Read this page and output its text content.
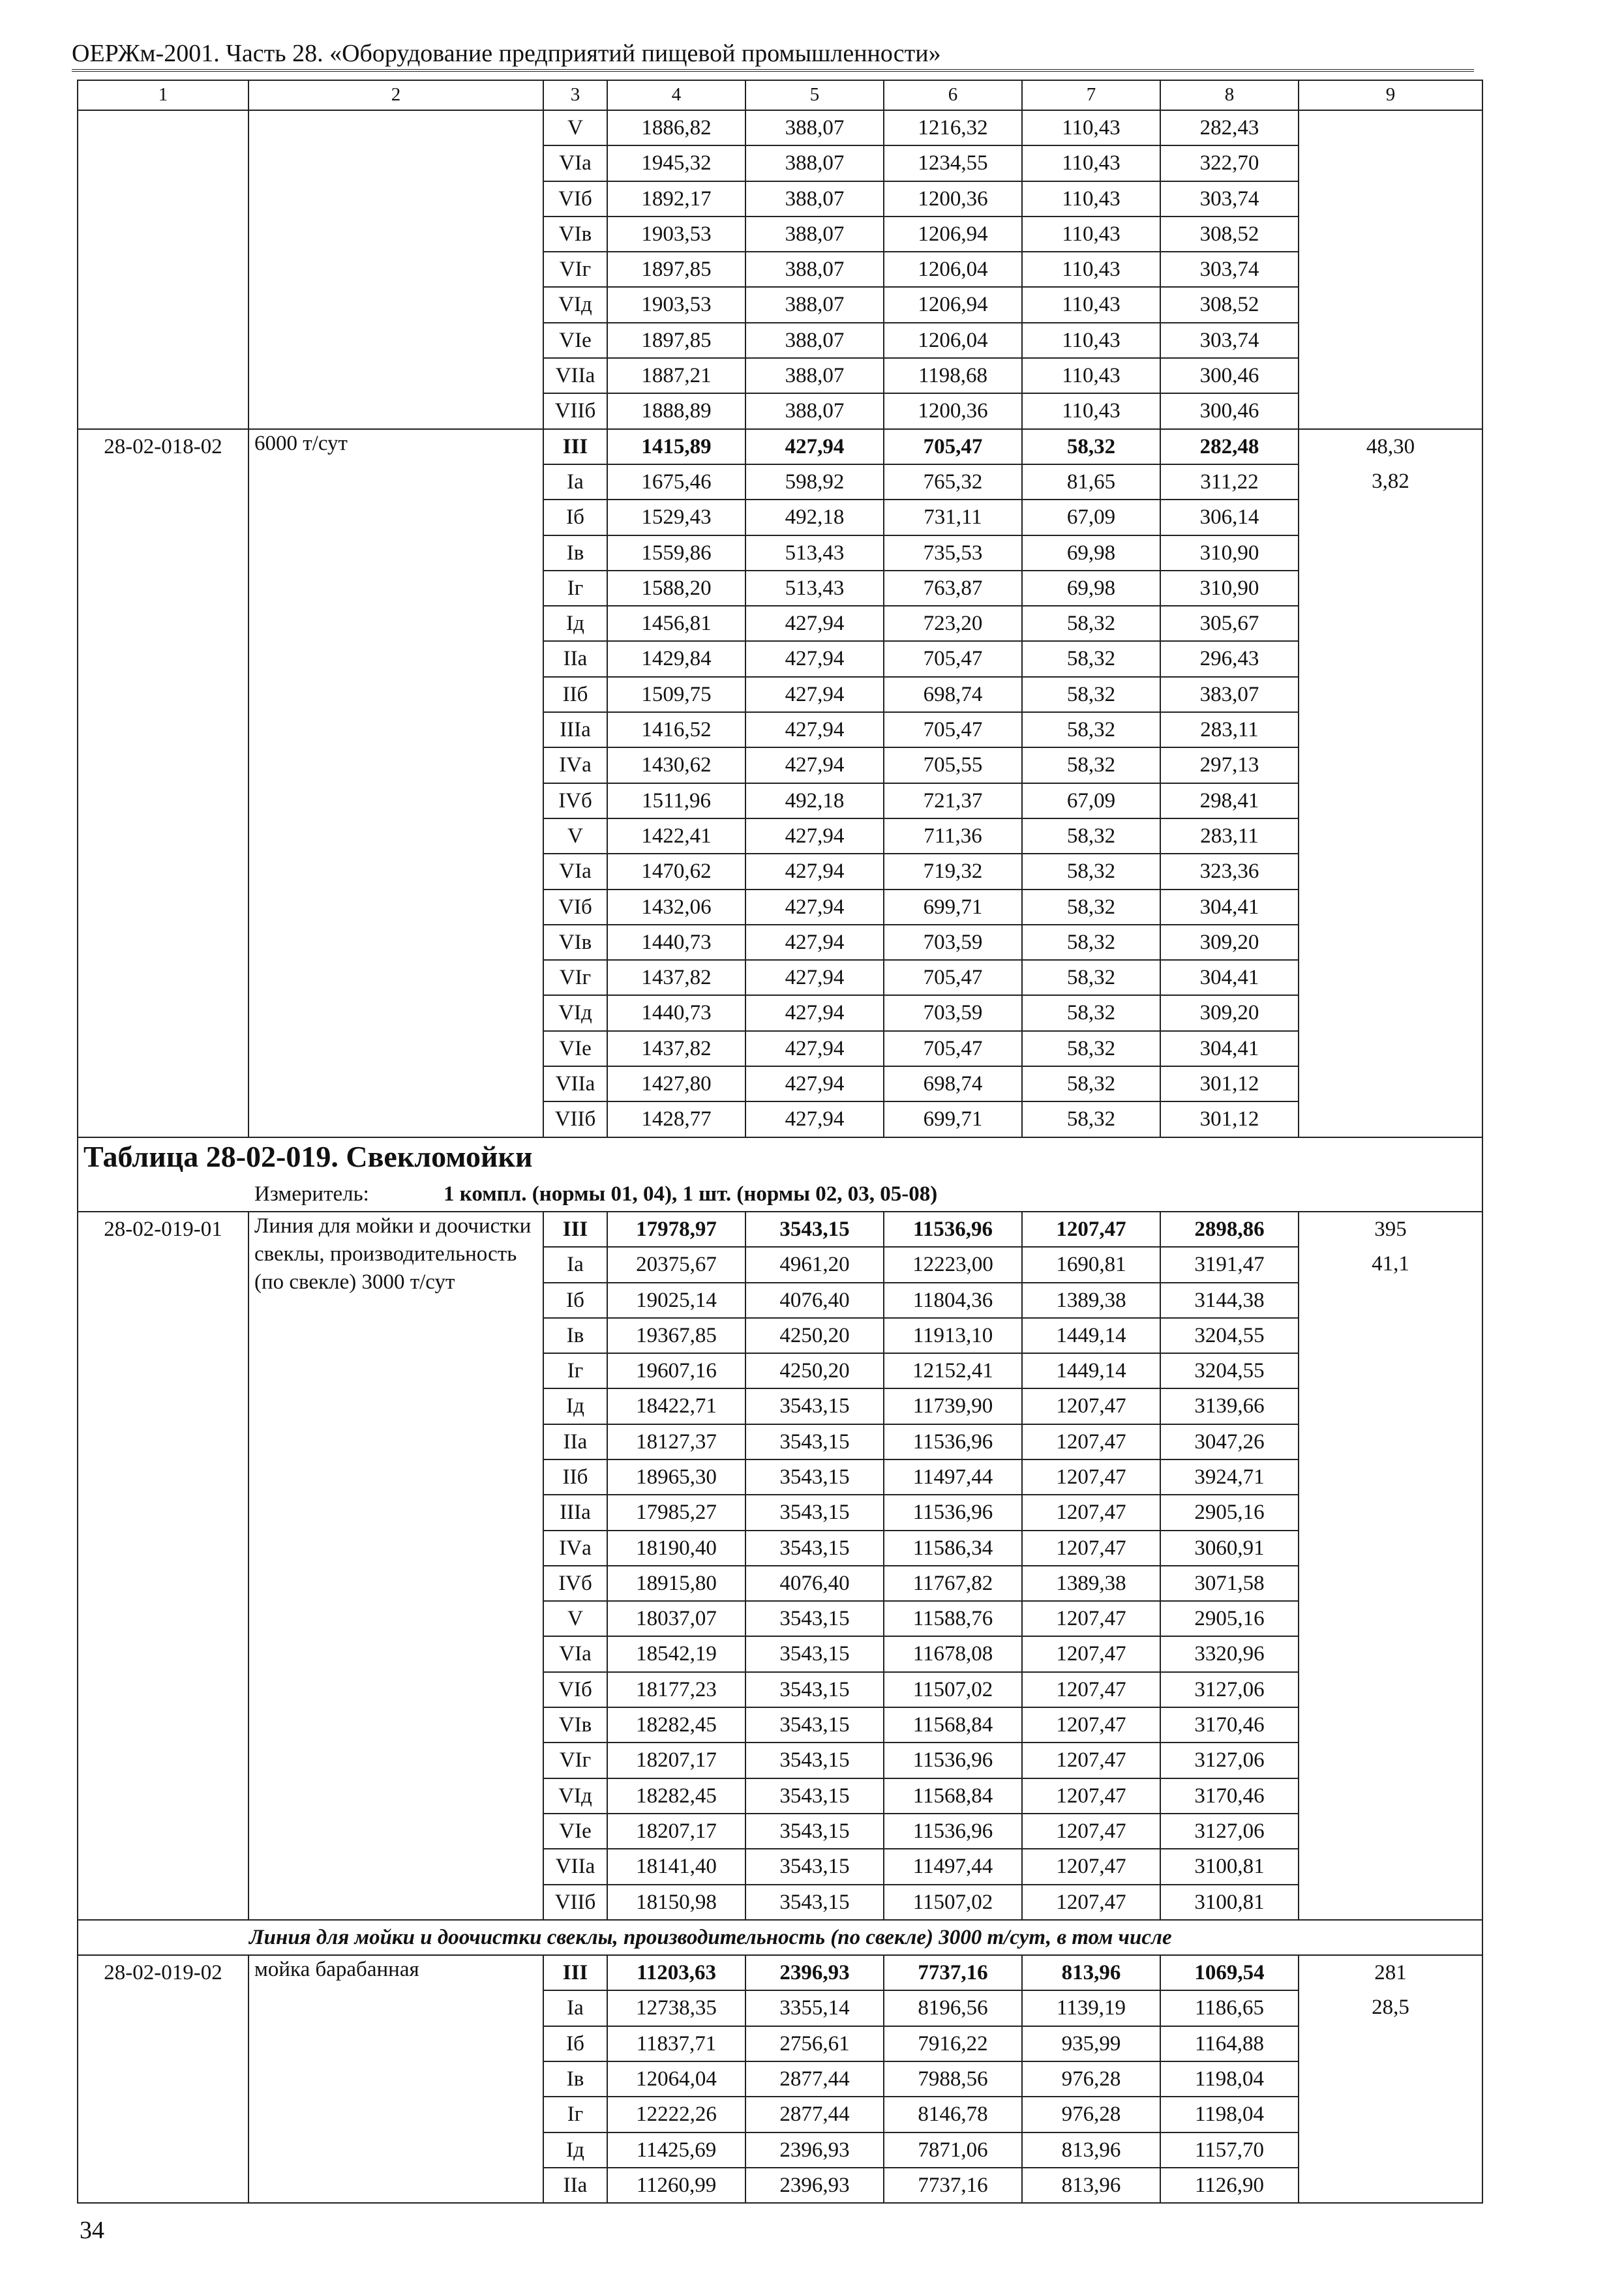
ОЕРЖм-2001. Часть 28. «Оборудование предприятий пищевой промышленности»
1	2	3	4	5	6	7	8	9
		V	1886,82	388,07	1216,32	110,43	282,43	
		VIа	1945,32	388,07	1234,55	110,43	322,70	
		VIб	1892,17	388,07	1200,36	110,43	303,74	
		VIв	1903,53	388,07	1206,94	110,43	308,52	
		VIг	1897,85	388,07	1206,04	110,43	303,74	
		VIд	1903,53	388,07	1206,94	110,43	308,52	
		VIе	1897,85	388,07	1206,04	110,43	303,74	
		VIIа	1887,21	388,07	1198,68	110,43	300,46	
		VIIб	1888,89	388,07	1200,36	110,43	300,46	
28-02-018-02	6000 т/сут	III	1415,89	427,94	705,47	58,32	282,48	48,30
		Iа	1675,46	598,92	765,32	81,65	311,22	3,82
		Iб	1529,43	492,18	731,11	67,09	306,14	
		Iв	1559,86	513,43	735,53	69,98	310,90	
		Iг	1588,20	513,43	763,87	69,98	310,90	
		Iд	1456,81	427,94	723,20	58,32	305,67	
		IIа	1429,84	427,94	705,47	58,32	296,43	
		IIб	1509,75	427,94	698,74	58,32	383,07	
		IIIа	1416,52	427,94	705,47	58,32	283,11	
		IVа	1430,62	427,94	705,55	58,32	297,13	
		IVб	1511,96	492,18	721,37	67,09	298,41	
		V	1422,41	427,94	711,36	58,32	283,11	
		VIа	1470,62	427,94	719,32	58,32	323,36	
		VIб	1432,06	427,94	699,71	58,32	304,41	
		VIв	1440,73	427,94	703,59	58,32	309,20	
		VIг	1437,82	427,94	705,47	58,32	304,41	
		VIд	1440,73	427,94	703,59	58,32	309,20	
		VIе	1437,82	427,94	705,47	58,32	304,41	
		VIIа	1427,80	427,94	698,74	58,32	301,12	
		VIIб	1428,77	427,94	699,71	58,32	301,12	
Таблица 28-02-019. Свекломойки								
Измеритель: 1 компл. (нормы 01, 04), 1 шт. (нормы 02, 03, 05-08)								
28-02-019-01	Линия для мойки и доочистки свеклы, производительность (по свекле) 3000 т/сут	III	17978,97	3543,15	11536,96	1207,47	2898,86	395
		Iа	20375,67	4961,20	12223,00	1690,81	3191,47	41,1
		Iб	19025,14	4076,40	11804,36	1389,38	3144,38	
		Iв	19367,85	4250,20	11913,10	1449,14	3204,55	
		Iг	19607,16	4250,20	12152,41	1449,14	3204,55	
		Iд	18422,71	3543,15	11739,90	1207,47	3139,66	
		IIа	18127,37	3543,15	11536,96	1207,47	3047,26	
		IIб	18965,30	3543,15	11497,44	1207,47	3924,71	
		IIIа	17985,27	3543,15	11536,96	1207,47	2905,16	
		IVа	18190,40	3543,15	11586,34	1207,47	3060,91	
		IVб	18915,80	4076,40	11767,82	1389,38	3071,58	
		V	18037,07	3543,15	11588,76	1207,47	2905,16	
		VIа	18542,19	3543,15	11678,08	1207,47	3320,96	
		VIб	18177,23	3543,15	11507,02	1207,47	3127,06	
		VIв	18282,45	3543,15	11568,84	1207,47	3170,46	
		VIг	18207,17	3543,15	11536,96	1207,47	3127,06	
		VIд	18282,45	3543,15	11568,84	1207,47	3170,46	
		VIе	18207,17	3543,15	11536,96	1207,47	3127,06	
		VIIа	18141,40	3543,15	11497,44	1207,47	3100,81	
		VIIб	18150,98	3543,15	11507,02	1207,47	3100,81	
Линия для мойки и доочистки свеклы, производительность (по свекле) 3000 т/сут, в том числе								
28-02-019-02	мойка барабанная	III	11203,63	2396,93	7737,16	813,96	1069,54	281
		Iа	12738,35	3355,14	8196,56	1139,19	1186,65	28,5
		Iб	11837,71	2756,61	7916,22	935,99	1164,88	
		Iв	12064,04	2877,44	7988,56	976,28	1198,04	
		Iг	12222,26	2877,44	8146,78	976,28	1198,04	
		Iд	11425,69	2396,93	7871,06	813,96	1157,70	
		IIа	11260,99	2396,93	7737,16	813,96	1126,90	
34
